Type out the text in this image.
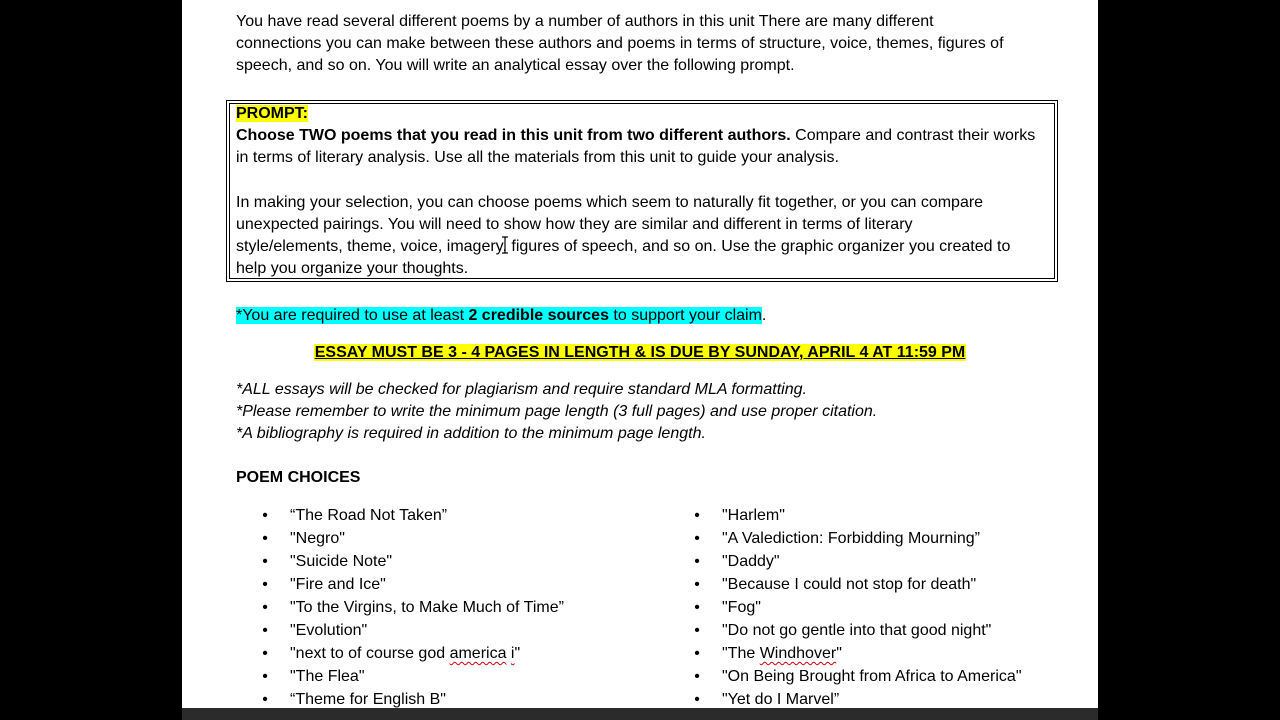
You have read several different poems by a number of authors in this unit There are many different
connections you can make between these authors and poems in terms of structure, voice, themes, figures of
speech, and so on. You will write an analytical essay over the following prompt.
PROMPT:
Choose TWO poems that you read in this unit from two different authors. Compare and contrast their works
in terms of literary analysis. Use all the materials from this unit to guide your analysis.
In making your selection, you can choose poems which seem to naturally fit together, or you can compare
unexpected pairings. You will need to show how they are similar and different in terms of literary
style/elements, theme, voice, imagery, figures of speech, and so on. Use the graphic organizer you created to
help you organize your thoughts.
*You are required to use at least 2 credible sources to support your claim.
ESSAY MUST BE 3 - 4 PAGES IN LENGTH & IS DUE BY SUNDAY, APRIL 4 AT 11:59 PM
*ALL essays will be checked for plagiarism and require standard MLA formatting.
*Please remember to write the minimum page length (3 full pages) and use proper citation.
*A bibliography is required in addition to the minimum page length.
POEM CHOICES
• “The Road Not Taken”
• "Negro"
• "Suicide Note"
• "Fire and Ice"
• "To the Virgins, to Make Much of Time”
• "Evolution"
• "next to of course god america i"
• "The Flea"
• “Theme for English B"
• "Harlem"
• "A Valediction: Forbidding Mourning”
• "Daddy"
• "Because I could not stop for death"
• "Fog"
• "Do not go gentle into that good night"
• "The Windhover"
• "On Being Brought from Africa to America"
• "Yet do I Marvel”
